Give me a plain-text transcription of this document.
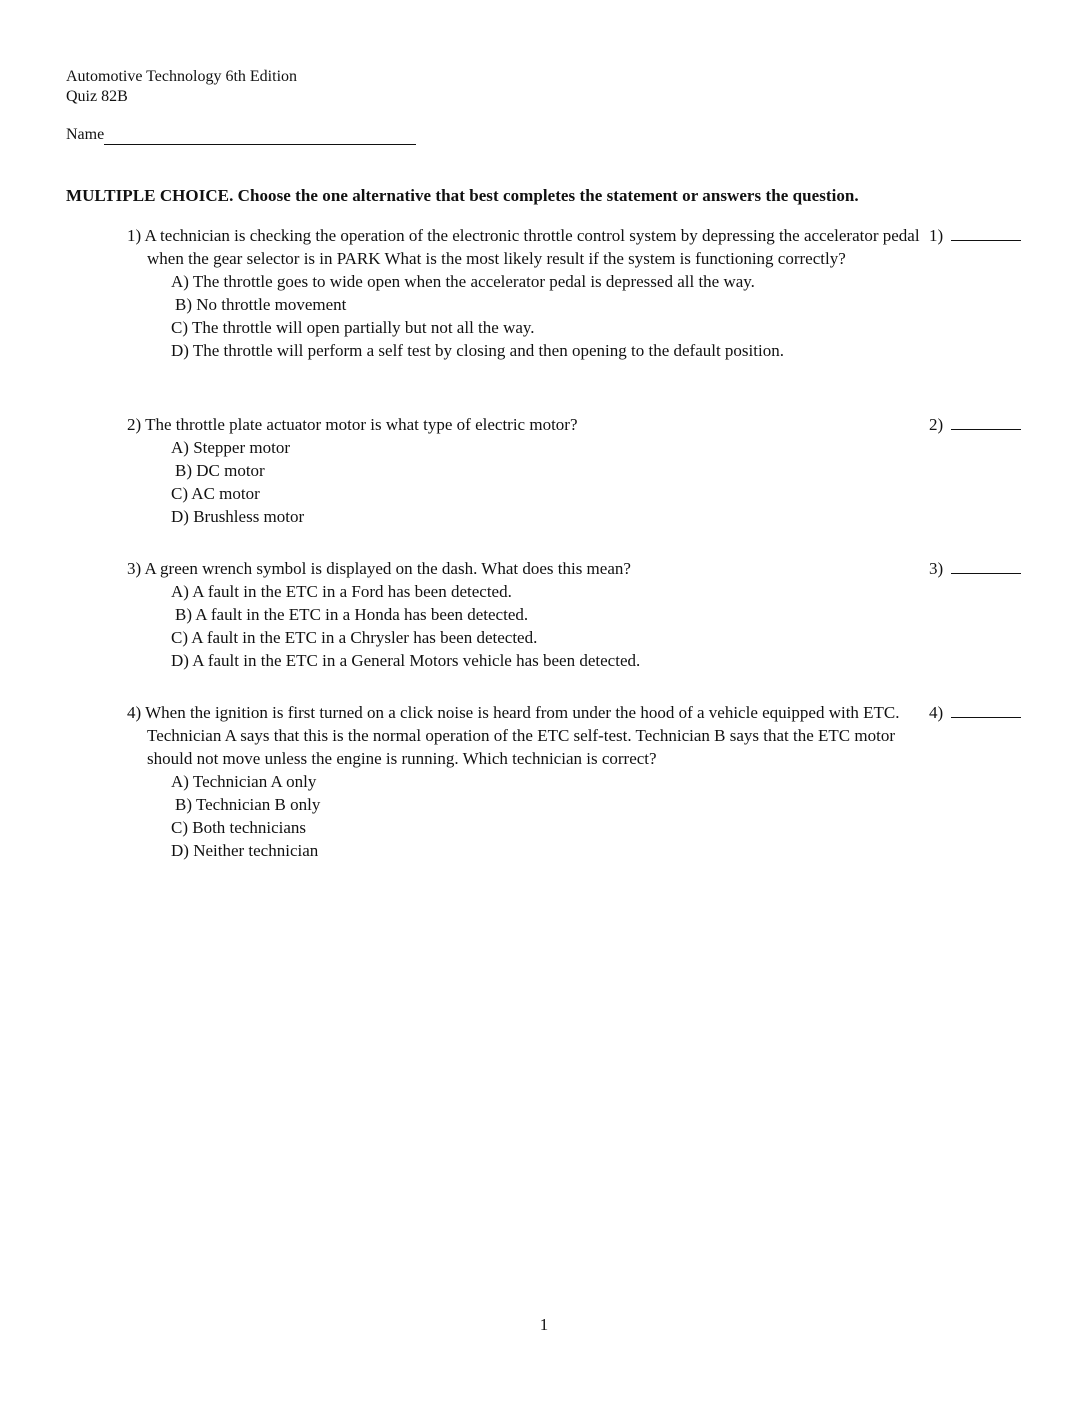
Automotive Technology 6th Edition
Quiz 82B
Name
MULTIPLE CHOICE. Choose the one alternative that best completes the statement or answers the question.
1) A technician is checking the operation of the electronic throttle control system by depressing the accelerator pedal when the gear selector is in PARK What is the most likely result if the system is functioning correctly?
A) The throttle goes to wide open when the accelerator pedal is depressed all the way.
B) No throttle movement
C) The throttle will open partially but not all the way.
D) The throttle will perform a self test by closing and then opening to the default position.
1)
2) The throttle plate actuator motor is what type of electric motor?
A) Stepper motor
B) DC motor
C) AC motor
D) Brushless motor
2)
3) A green wrench symbol is displayed on the dash. What does this mean?
A) A fault in the ETC in a Ford has been detected.
B) A fault in the ETC in a Honda has been detected.
C) A fault in the ETC in a Chrysler has been detected.
D) A fault in the ETC in a General Motors vehicle has been detected.
3)
4) When the ignition is first turned on a click noise is heard from under the hood of a vehicle equipped with ETC. Technician A says that this is the normal operation of the ETC self-test. Technician B says that the ETC motor should not move unless the engine is running. Which technician is correct?
A) Technician A only
B) Technician B only
C) Both technicians
D) Neither technician
4)
1
